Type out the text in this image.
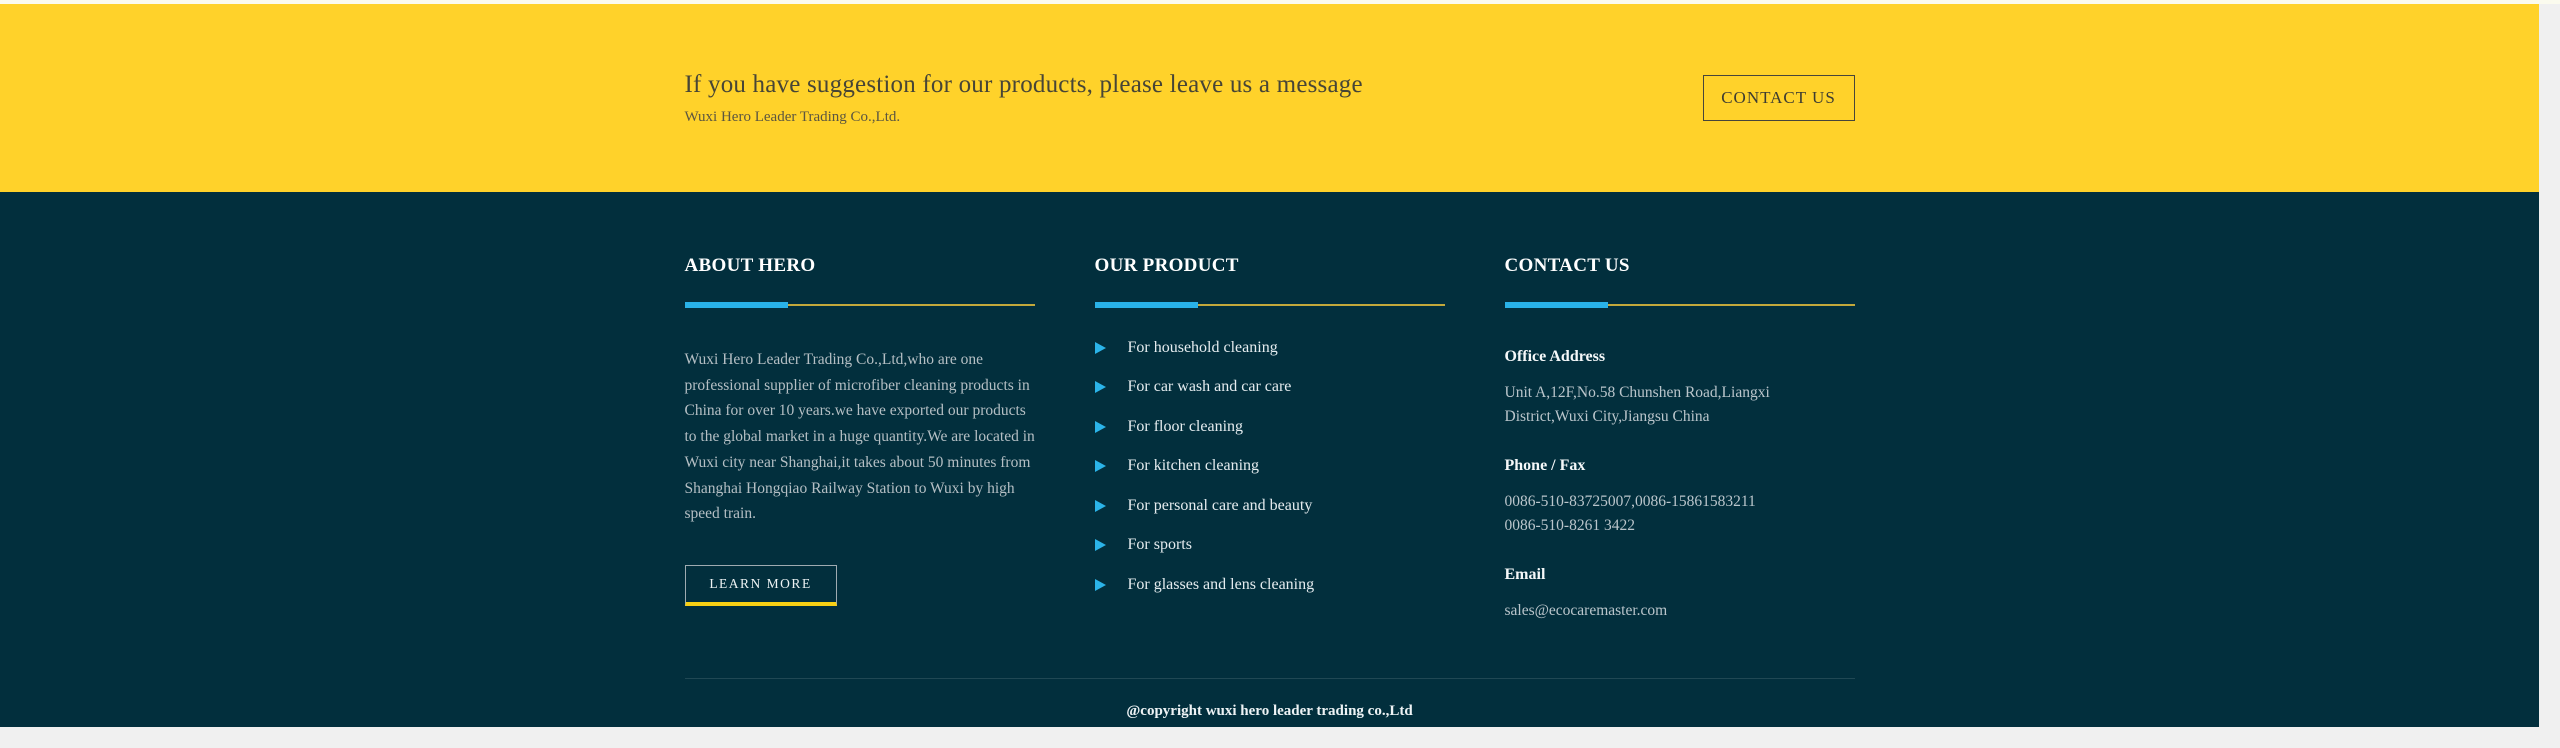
If you have suggestion for our products, please leave us a message
Wuxi Hero Leader Trading Co.,Ltd.
CONTACT US
ABOUT HERO

Wuxi Hero Leader Trading Co.,Ltd,who are one professional supplier of microfiber cleaning products in China for over 10 years.we have exported our products to the global market in a huge quantity.We are located in Wuxi city near Shanghai,it takes about 50 minutes from Shanghai Hongqiao Railway Station to Wuxi by high speed train.

LEARN MORE
OUR PRODUCT
For household cleaning
For car wash and car care
For floor cleaning
For kitchen cleaning
For personal care and beauty
For sports
For glasses and lens cleaning
CONTACT US
Office Address
Unit A,12F,No.58 Chunshen Road,Liangxi District,Wuxi City,Jiangsu China
Phone / Fax
0086-510-83725007,0086-15861583211
0086-510-8261 3422
Email
sales@ecocaremaster.com
@copyright wuxi hero leader trading co.,Ltd
